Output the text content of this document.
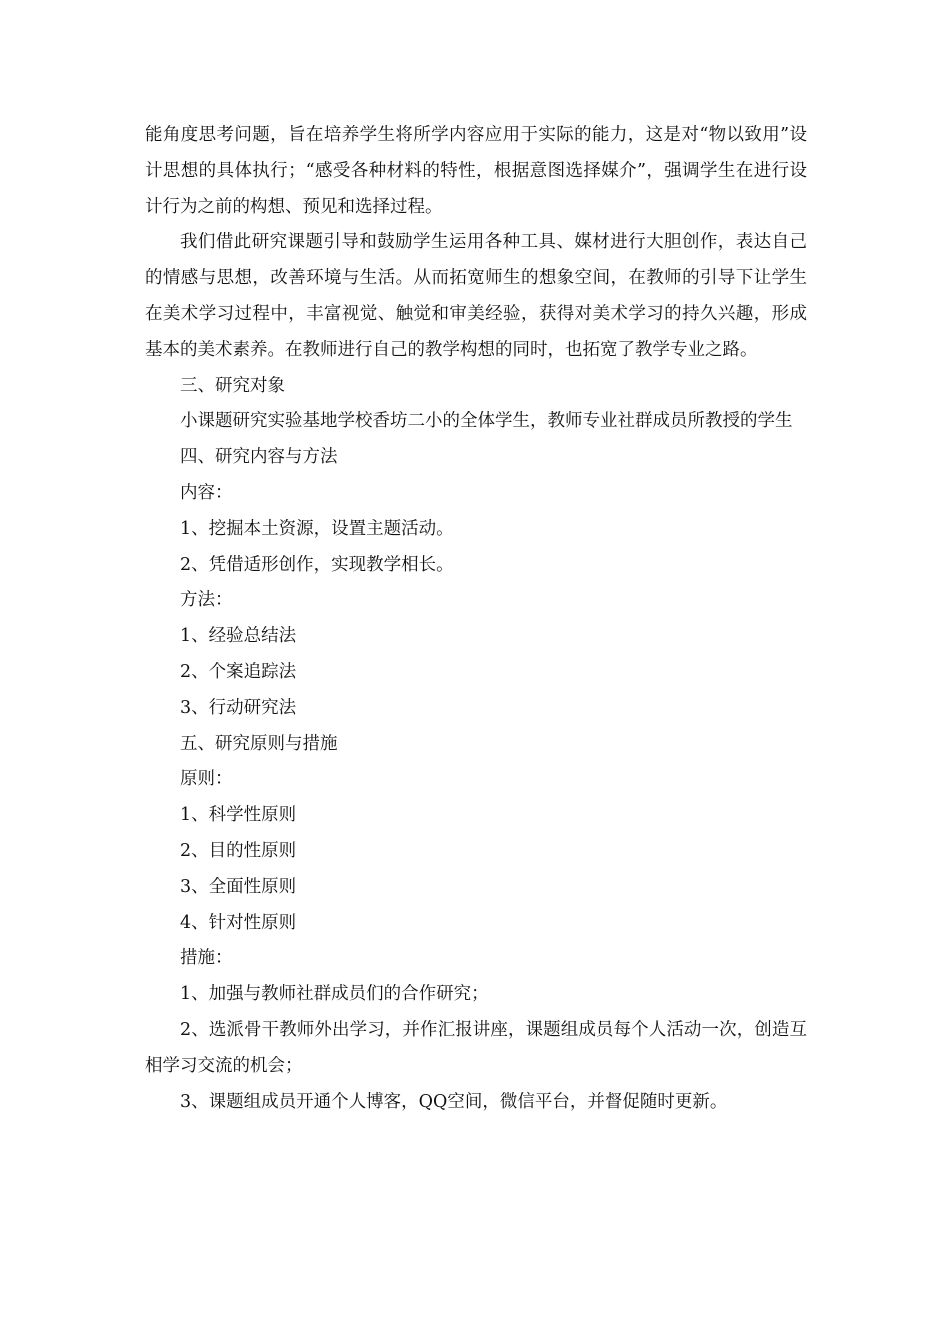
能角度思考问题，旨在培养学生将所学内容应用于实际的能力，这是对“物以致用”设计思想的具体执行；“感受各种材料的特性，根据意图选择媒介”，强调学生在进行设计行为之前的构想、预见和选择过程。

我们借此研究课题引导和鼓励学生运用各种工具、媒材进行大胆创作，表达自己的情感与思想，改善环境与生活。从而拓宽师生的想象空间，在教师的引导下让学生在美术学习过程中，丰富视觉、触觉和审美经验，获得对美术学习的持久兴趣，形成基本的美术素养。在教师进行自己的教学构想的同时，也拓宽了教学专业之路。

三、研究对象

小课题研究实验基地学校香坊二小的全体学生，教师专业社群成员所教授的学生

四、研究内容与方法

内容：

1、挖掘本土资源，设置主题活动。

2、凭借适形创作，实现教学相长。

方法：

1、经验总结法

2、个案追踪法

3、行动研究法

五、研究原则与措施

原则：

1、科学性原则

2、目的性原则

3、全面性原则

4、针对性原则

措施：

1、加强与教师社群成员们的合作研究；

2、选派骨干教师外出学习，并作汇报讲座，课题组成员每个人活动一次，创造互相学习交流的机会；

3、课题组成员开通个人博客，QQ空间，微信平台，并督促随时更新。
